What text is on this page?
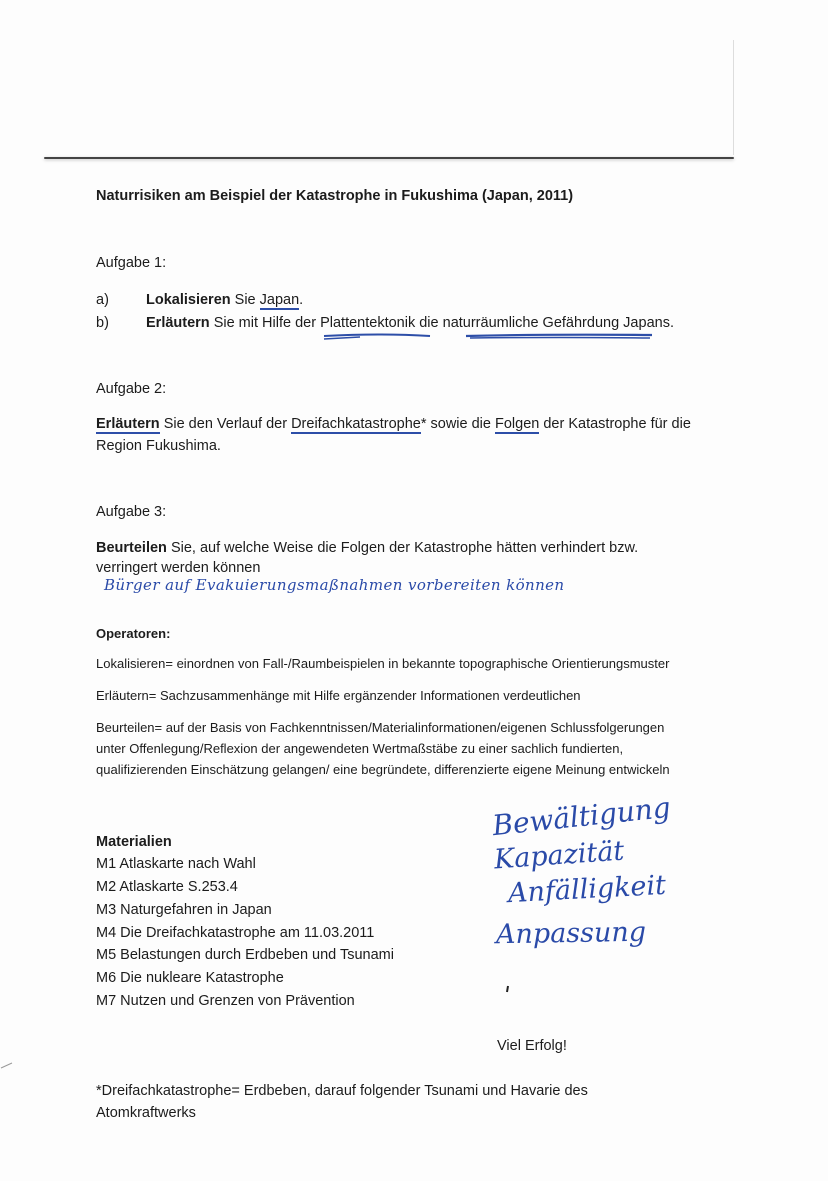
Naturrisiken am Beispiel der Katastrophe in Fukushima (Japan, 2011)
Aufgabe 1:
a)	Lokalisieren Sie Japan.
b)	Erläutern Sie mit Hilfe der Plattentektonik die naturräumliche Gefährdung Japans.
Aufgabe 2:
Erläutern Sie den Verlauf der Dreifachkatastrophe* sowie die Folgen der Katastrophe für die
Region Fukushima.
Aufgabe 3:
Beurteilen Sie, auf welche Weise die Folgen der Katastrophe hätten verhindert bzw.
verringert werden können
Bürger auf Evakuierungsmaßnahmen vorbereiten können
Operatoren:
Lokalisieren= einordnen von Fall-/Raumbeispielen in bekannte topographische Orientierungsmuster
Erläutern= Sachzusammenhänge mit Hilfe ergänzender Informationen verdeutlichen
Beurteilen= auf der Basis von Fachkenntnissen/Materialinformationen/eigenen Schlussfolgerungen
unter Offenlegung/Reflexion der angewendeten Wertmaßstäbe zu einer sachlich fundierten,
qualifizierenden Einschätzung gelangen/ eine begründete, differenzierte eigene Meinung entwickeln
Materialien
M1 Atlaskarte nach Wahl
M2 Atlaskarte S.253.4
M3 Naturgefahren in Japan
M4 Die Dreifachkatastrophe am 11.03.2011
M5 Belastungen durch Erdbeben und Tsunami
M6 Die nukleare Katastrophe
M7 Nutzen und Grenzen von Prävention
Bewältigung
Kapazität
Anfälligkeit
Anpassung
Viel Erfolg!
*Dreifachkatastrophe= Erdbeben, darauf folgender Tsunami und Havarie des
Atomkraftwerks
